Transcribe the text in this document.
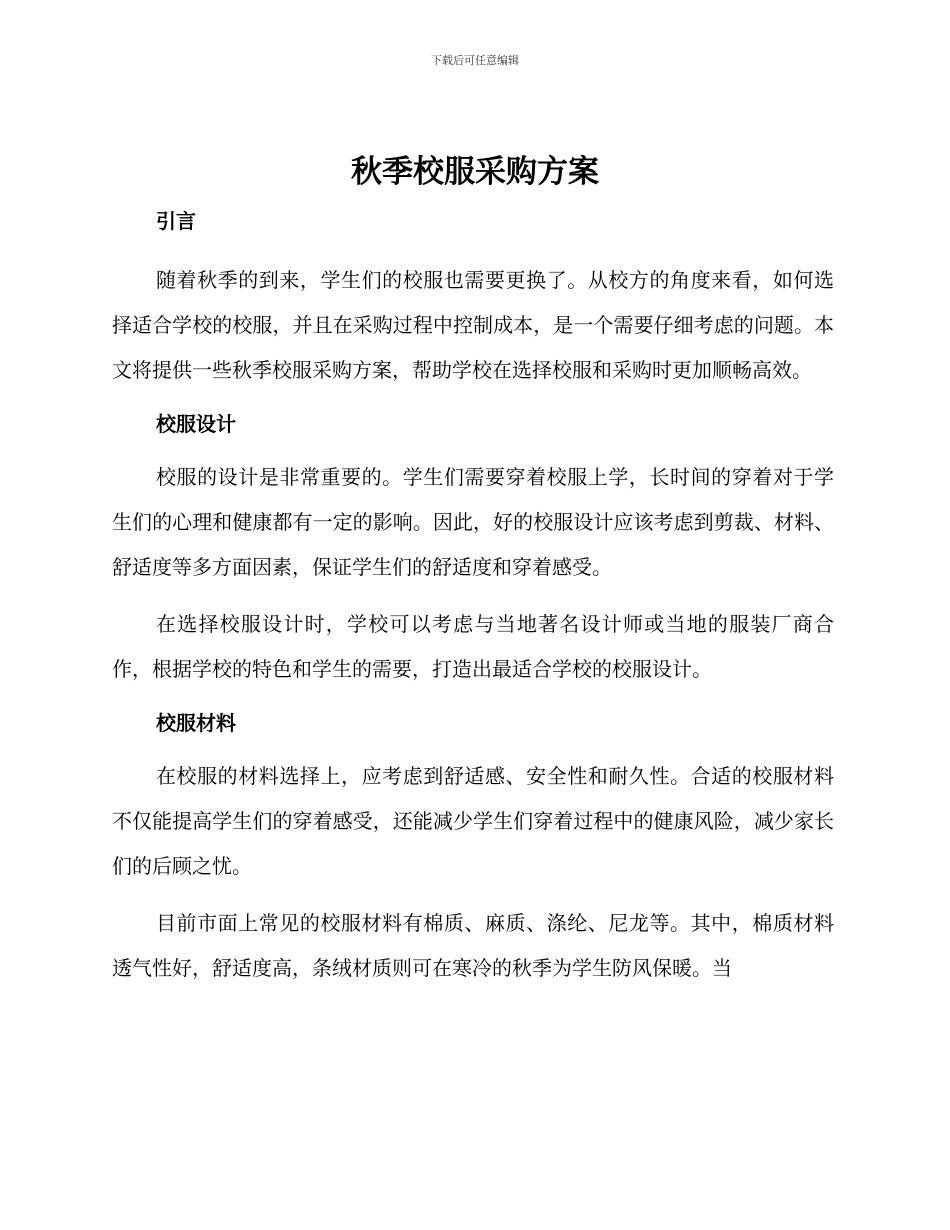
下载后可任意编辑
秋季校服采购方案
引言

随着秋季的到来，学生们的校服也需要更换了。从校方的角度来看，如何选择适合学校的校服，并且在采购过程中控制成本，是一个需要仔细考虑的问题。本文将提供一些秋季校服采购方案，帮助学校在选择校服和采购时更加顺畅高效。

校服设计

校服的设计是非常重要的。学生们需要穿着校服上学，长时间的穿着对于学生们的心理和健康都有一定的影响。因此，好的校服设计应该考虑到剪裁、材料、舒适度等多方面因素，保证学生们的舒适度和穿着感受。

在选择校服设计时，学校可以考虑与当地著名设计师或当地的服装厂商合作，根据学校的特色和学生的需要，打造出最适合学校的校服设计。

校服材料

在校服的材料选择上，应考虑到舒适感、安全性和耐久性。合适的校服材料不仅能提高学生们的穿着感受，还能减少学生们穿着过程中的健康风险，减少家长们的后顾之忧。

目前市面上常见的校服材料有棉质、麻质、涤纶、尼龙等。其中，棉质材料透气性好，舒适度高，条绒材质则可在寒冷的秋季为学生防风保暖。当
